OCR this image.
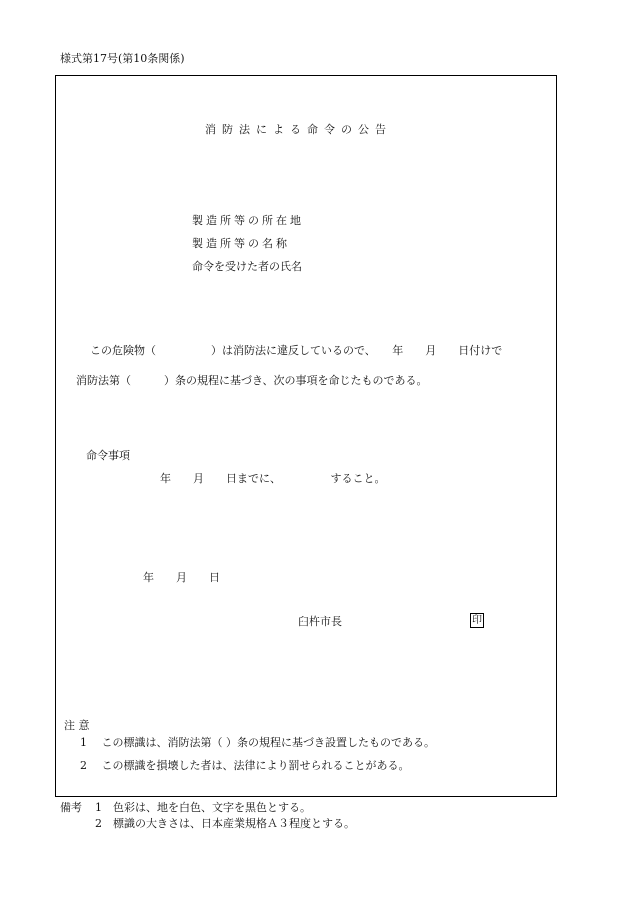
様式第17号(第10条関係)
消防法による命令の公告
製造所等の所在地
製造所等の名称
命令を受けた者の氏名
この危険物（　　　　　）は消防法に違反しているので、　　年　　月　　日付けで
消防法第（　　　）条の規程に基づき、次の事項を命じたものである。
命令事項
年　　月　　日までに、　　　　　すること。
年　　月　　日
臼杵市長	印
注 意
1　 この標識は、消防法第（ ）条の規程に基づき設置したものである。
2　 この標識を損壊した者は、法律により罰せられることがある。
備考 1　色彩は、地を白色、文字を黒色とする。
2　標識の大きさは、日本産業規格Ａ３程度とする。
